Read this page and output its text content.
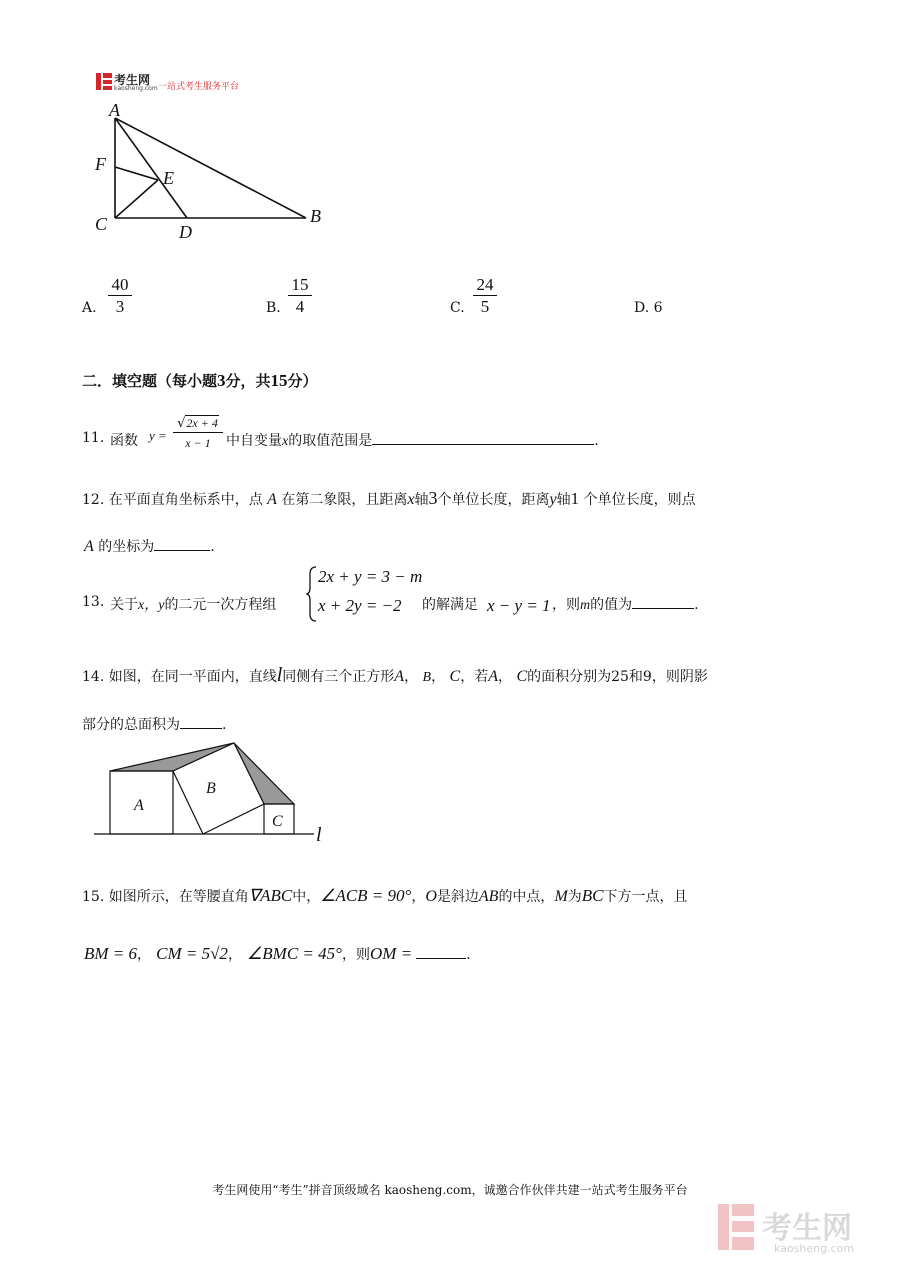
考生网
kaosheng.com 一站式考生服务平台
A
F
E
C	D
B
A. $\frac{40}{3}$	B. $\frac{15}{4}$	C. $\frac{24}{5}$	D. 6
二．填空题（每小题3分，共15分）
11. 函数 $y = \frac{√2x + 4}{x - 1}$ 中自变量x的取值范围是	.
12. 在平面直角坐标系中，点 A 在第二象限，且距离x轴3个单位长度，距离y轴1 个单位长度，则点
A 的坐标为	.
13. 关于x，y的二元一次方程组
2x + y = 3 − m
x + 2y = −2 的解满足 x − y = 1 ，则m的值为	.
14. 如图，在同一平面内，直线l同侧有三个正方形A， B， C，若A， C的面积分别为25和9，则阴影
部分的总面积为	.
A
B
C
l
15. 如图所示，在等腰直角∇ABC中，∠ACB = 90°，O是斜边AB的中点，M为BC下方一点，且
BM = 6， CM = 5√2， ∠BMC = 45°，则OM =	.
考生网使用“考生”拼音顶级域名 kaosheng.com，诚邀合作伙伴共建一站式考生服务平台
考生网
kaosheng.com
